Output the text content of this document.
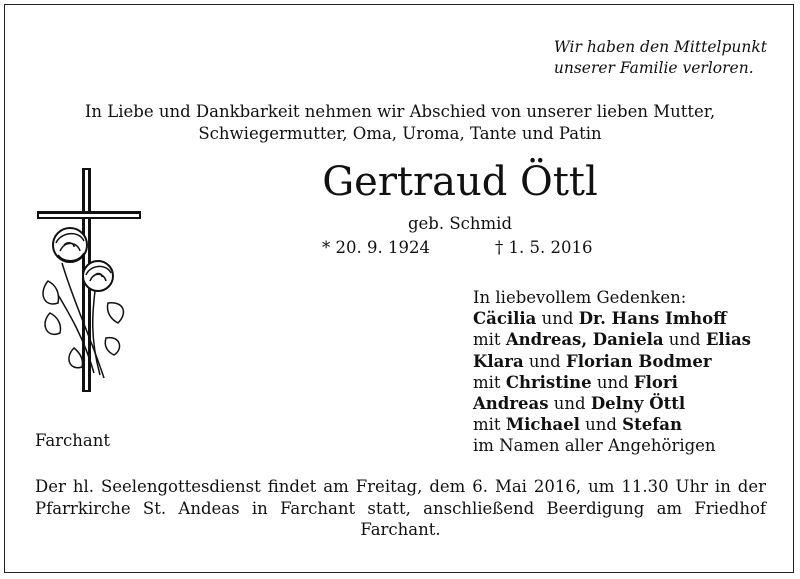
Wir haben den Mittelpunkt
unserer Familie verloren.
In Liebe und Dankbarkeit nehmen wir Abschied von unserer lieben Mutter,
Schwiegermutter, Oma, Uroma, Tante und Patin
Gertraud Öttl
geb. Schmid
* 20. 9. 1924	† 1. 5. 2016
In liebevollem Gedenken:
Cäcilia und Dr. Hans Imhoff
mit Andreas, Daniela und Elias
Klara und Florian Bodmer
mit Christine und Flori
Andreas und Delny Öttl
mit Michael und Stefan
im Namen aller Angehörigen
Farchant
Der hl. Seelengottesdienst findet am Freitag, dem 6. Mai 2016, um 11.30 Uhr in der Pfarrkirche St. Andeas in Farchant statt, anschließend Beerdigung am Friedhof Farchant.
